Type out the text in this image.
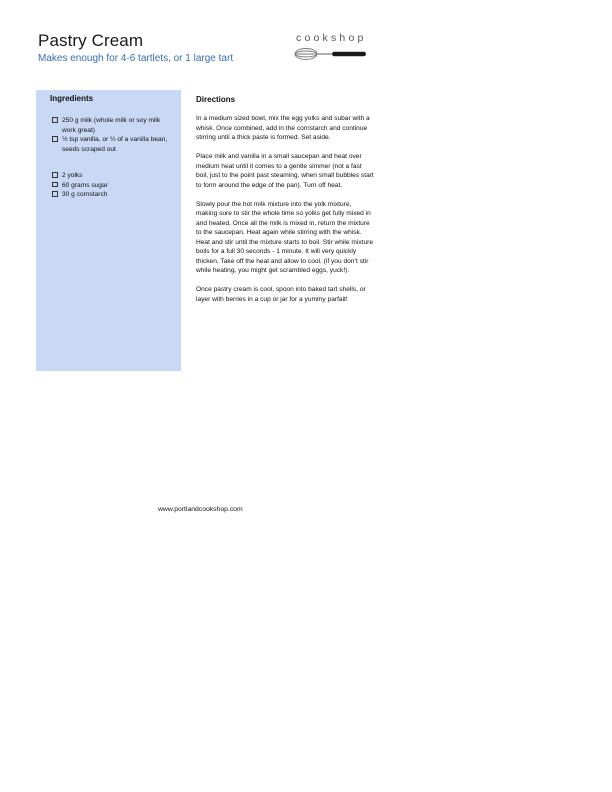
Pastry Cream
Makes enough for 4-6 tartlets, or 1 large tart
cookshop
Ingredients
250 g milk (whole milk or soy milk work great)
½ tsp vanilla, or ¼ of a vanilla bean, seeds scraped out
2 yolks
60 grams sugar
30 g cornstarch
Directions

In a medium sized bowl, mix the egg yolks and subar with a whisk. Once combined, add in the cornstarch and continue stirring until a thick paste is formed. Set aside.

Place milk and vanilla in a small saucepan and heat over medium heat until it comes to a gentle simmer (not a fast boil, just to the point past steaming, when small bubbles start to form around the edge of the pan). Turn off heat.

Slowly pour the hot milk mixture into the yolk mixture, making sure to stir the whole time so yolks get fully mixed in and heated. Once all the milk is mixed in, return the mixture to the saucepan. Heat again while stirring with the whisk. Heat and stir until the mixture starts to boil. Stir while mixture boils for a full 30 seconds - 1 minute. It will very quickly thicken. Take off the heat and allow to cool. (if you don’t stir while heating, you might get scrambled eggs, yuck!).

Once pastry cream is cool, spoon into baked tart shells, or layer with berries in a cup or jar for a yummy parfait!

www.portlandcookshop.com
